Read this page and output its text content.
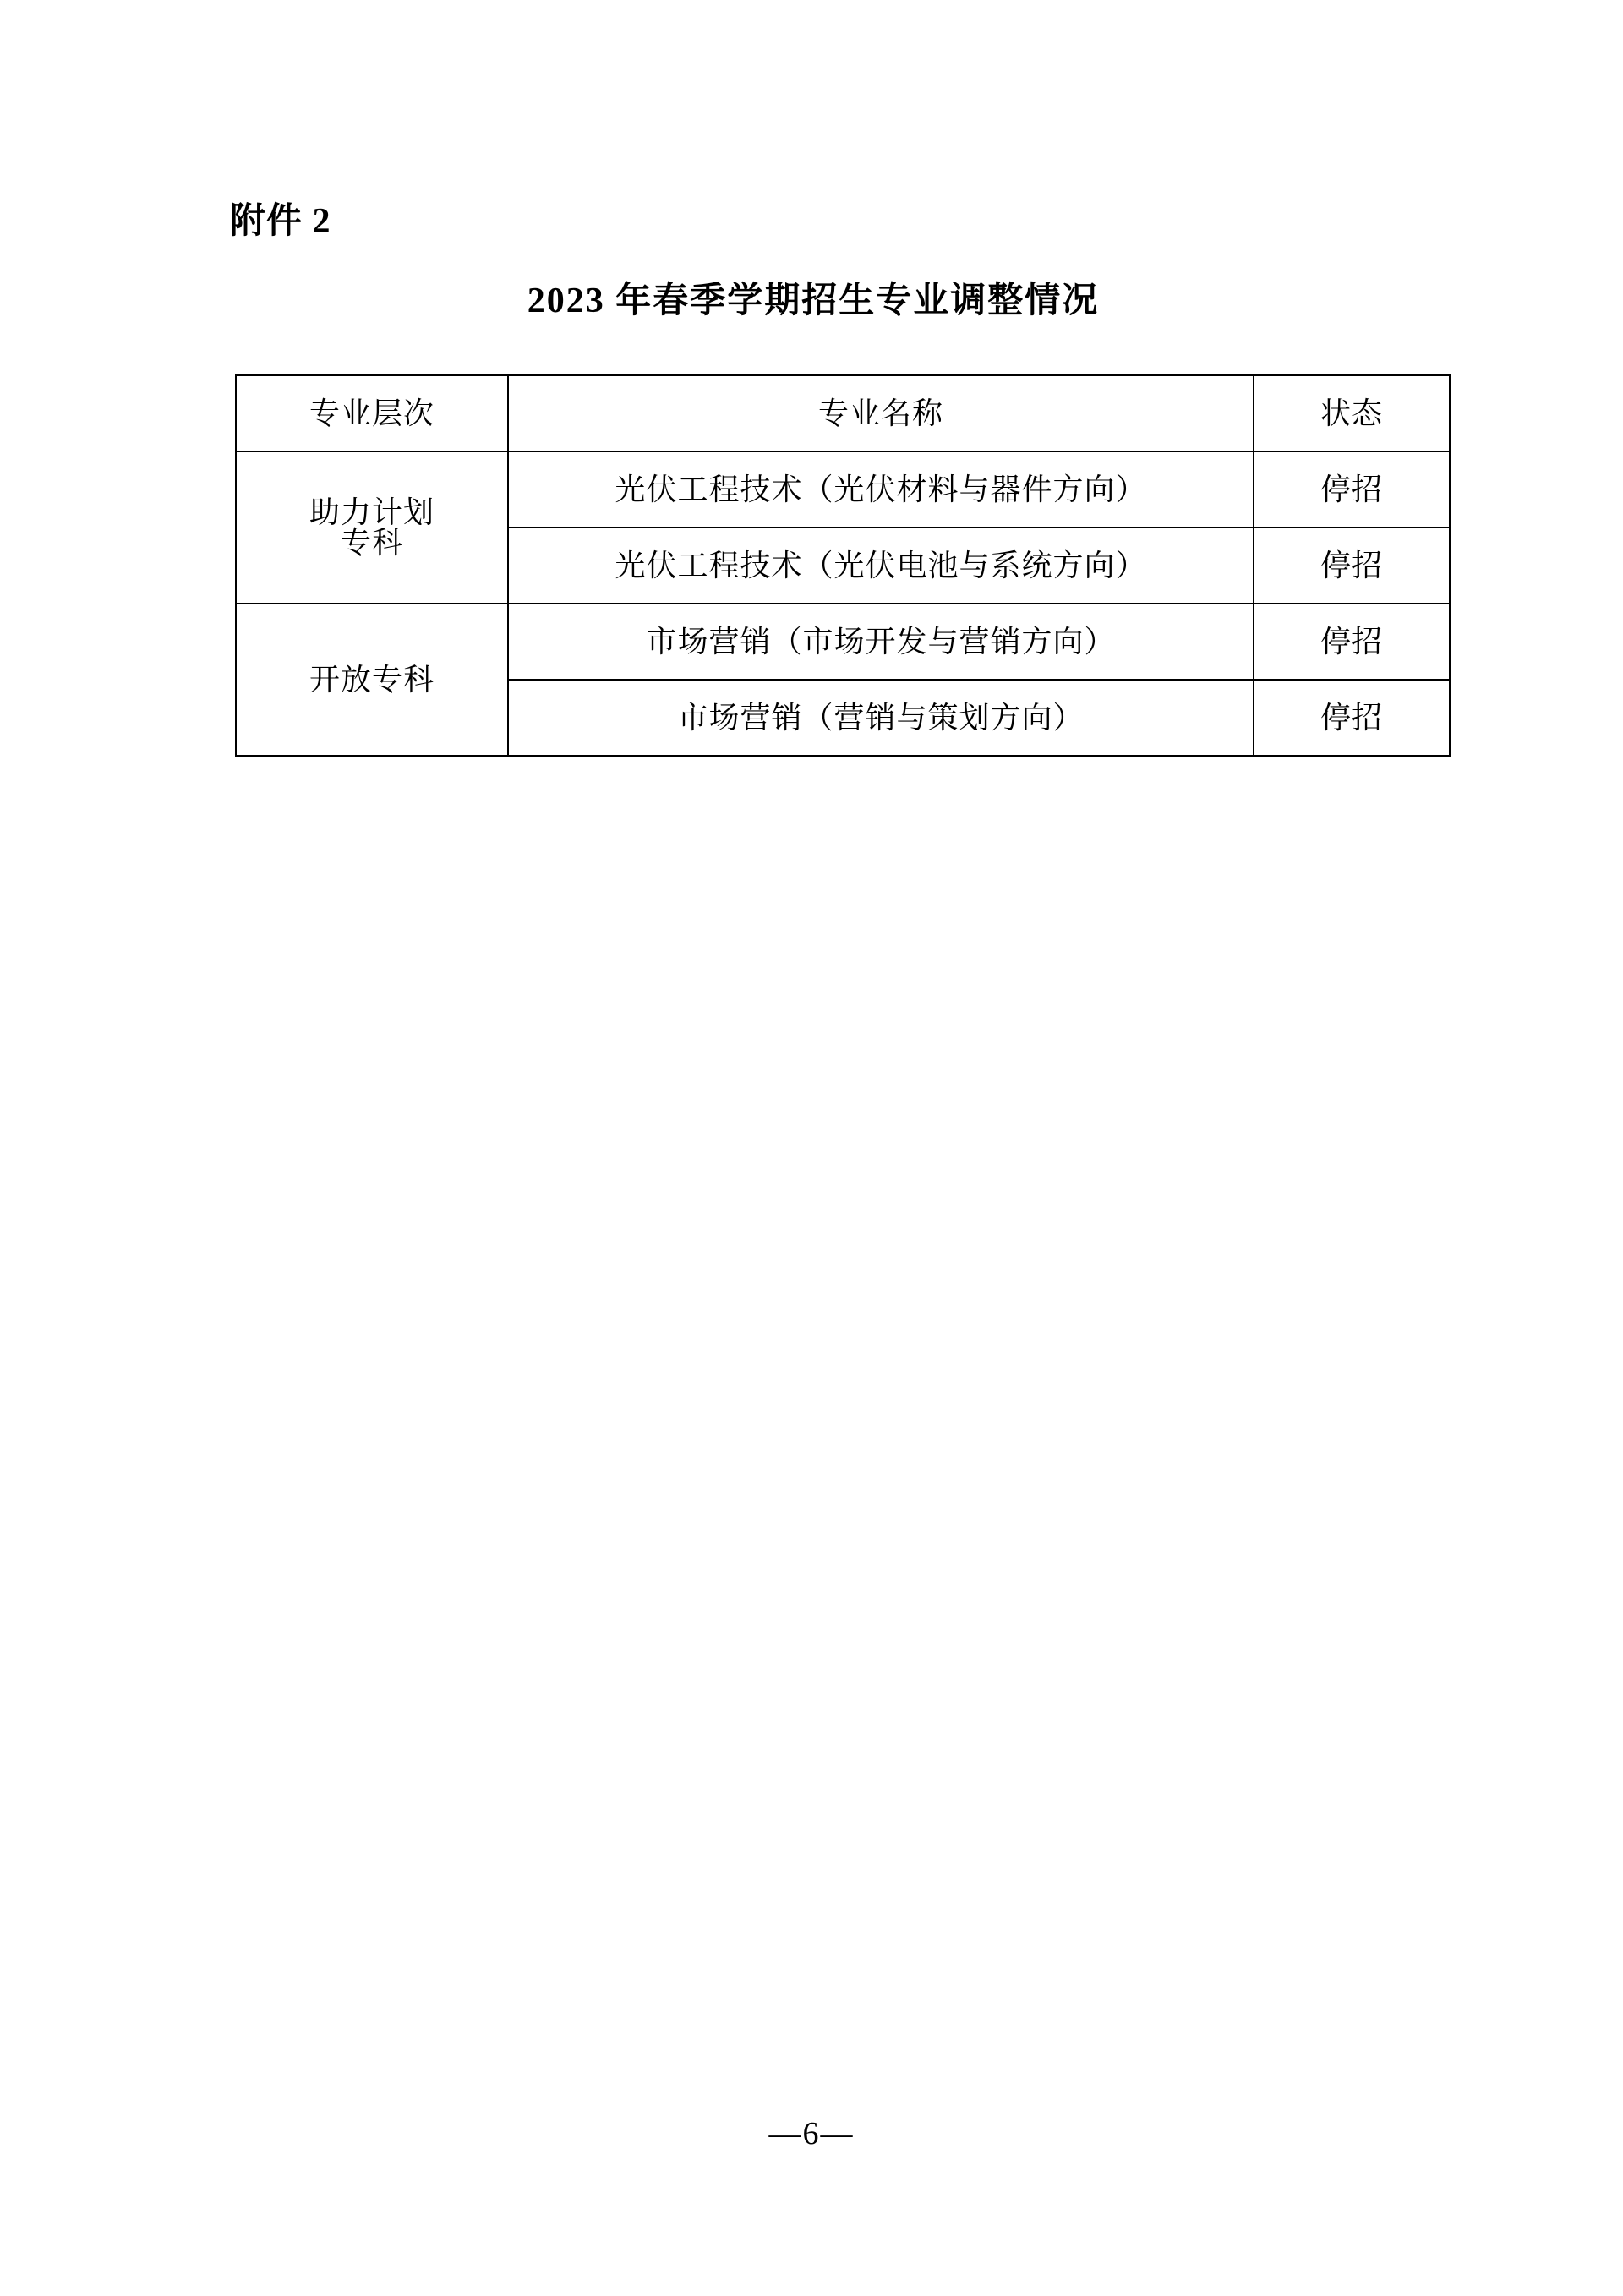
附件 2
2023 年春季学期招生专业调整情况
专业层次	专业名称	状态

助力计划
专科	光伏工程技术（光伏材料与器件方向）	停招
	光伏工程技术（光伏电池与系统方向）	停招
开放专科	市场营销（市场开发与营销方向）	停招
	市场营销（营销与策划方向）	停招
—6—
